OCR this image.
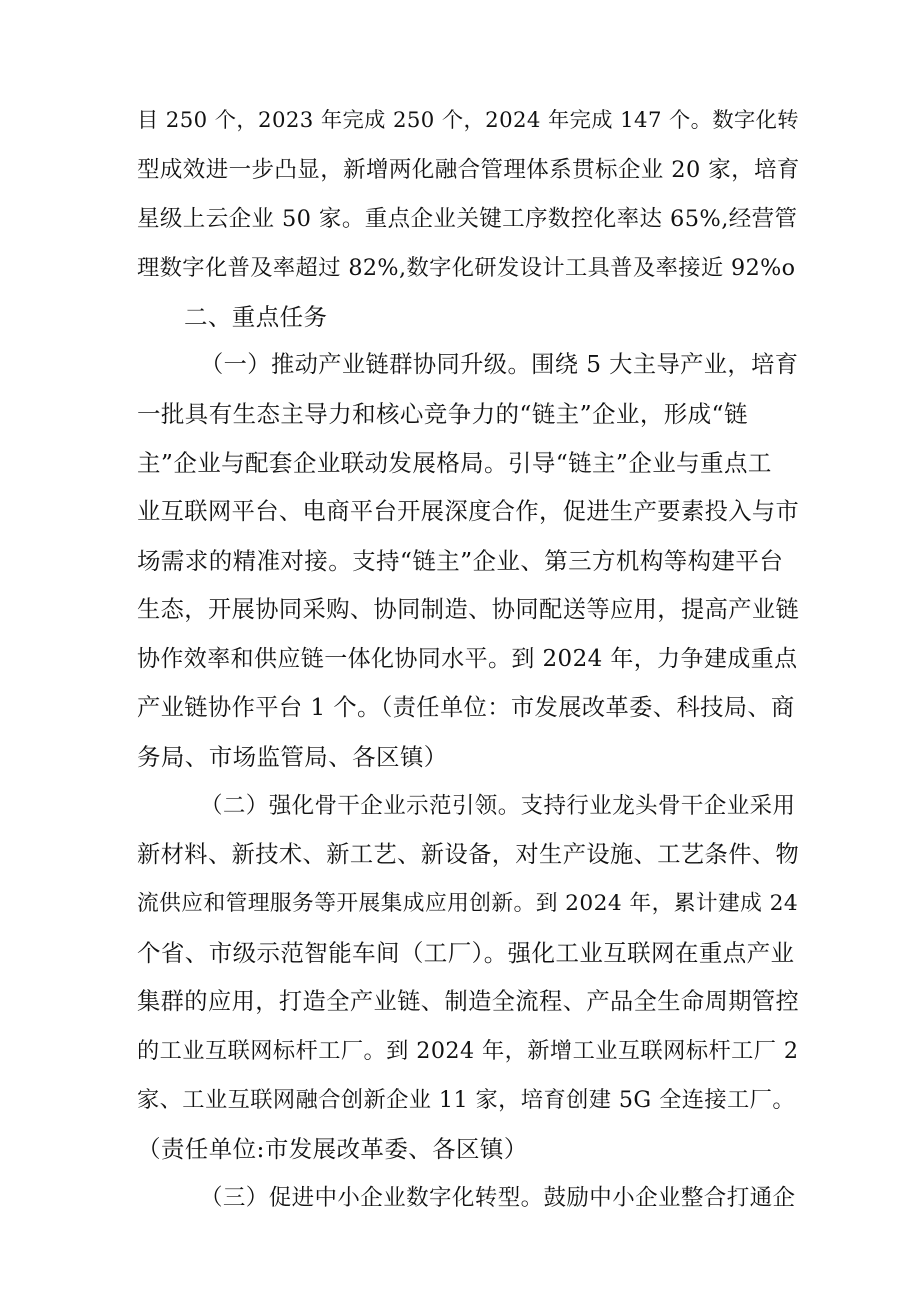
目 250 个，2023 年完成 250 个，2024 年完成 147 个。数字化转
型成效进一步凸显，新增两化融合管理体系贯标企业 20 家，培育
星级上云企业 50 家。重点企业关键工序数控化率达 65%,经营管
理数字化普及率超过 82%,数字化研发设计工具普及率接近 92%o
二、重点任务
（一）推动产业链群协同升级。围绕 5 大主导产业，培育
一批具有生态主导力和核心竞争力的“链主”企业，形成“链
主”企业与配套企业联动发展格局。引导“链主”企业与重点工
业互联网平台、电商平台开展深度合作，促进生产要素投入与市
场需求的精准对接。支持“链主”企业、第三方机构等构建平台
生态，开展协同采购、协同制造、协同配送等应用，提高产业链
协作效率和供应链一体化协同水平。到 2024 年，力争建成重点
产业链协作平台 1 个。（责任单位：市发展改革委、科技局、商
务局、市场监管局、各区镇）
（二）强化骨干企业示范引领。支持行业龙头骨干企业采用
新材料、新技术、新工艺、新设备，对生产设施、工艺条件、物
流供应和管理服务等开展集成应用创新。到 2024 年，累计建成 24
个省、市级示范智能车间（工厂）。强化工业互联网在重点产业
集群的应用，打造全产业链、制造全流程、产品全生命周期管控
的工业互联网标杆工厂。到 2024 年，新增工业互联网标杆工厂 2
家、工业互联网融合创新企业 11 家，培育创建 5G 全连接工厂。
（责任单位:市发展改革委、各区镇）
（三）促进中小企业数字化转型。鼓励中小企业整合打通企
